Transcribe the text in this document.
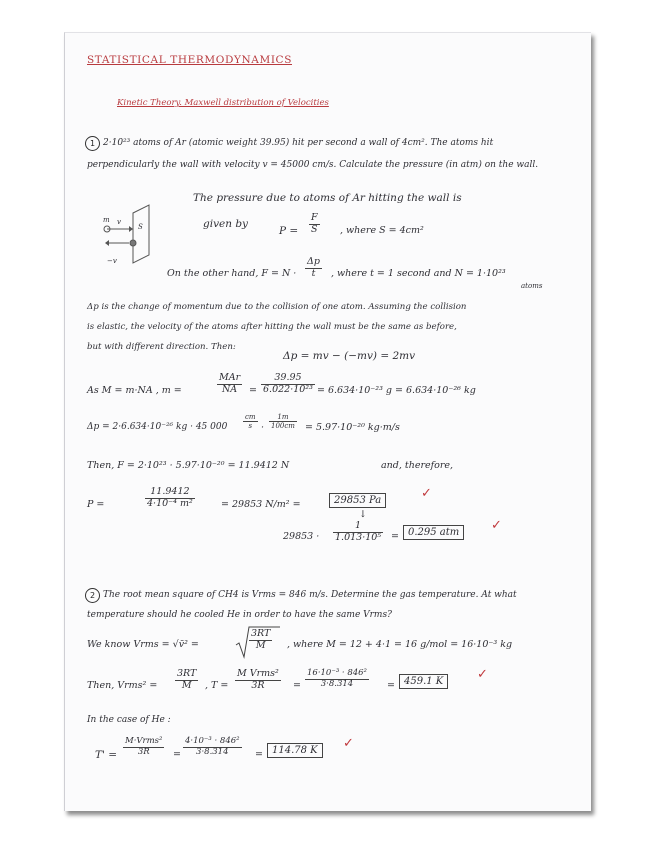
STATISTICAL THERMODYNAMICS
Kinetic Theory. Maxwell distribution of Velocities
1 2·10²³ atoms of Ar (atomic weight 39.95) hit per second a wall of 4cm². The atoms hit
perpendicularly the wall with velocity v = 45000 cm/s. Calculate the pressure (in atm) on the wall.
m v
S
−v
The pressure due to atoms of Ar hitting the wall is
given by
$P = \frac{F}{S}$ , where S = 4cm²
On the other hand, $F = N \cdot \frac{\Delta p}{t}$ , where t = 1 second and N = 1·10²³
atoms
Δp is the change of momentum due to the collision of one atom. Assuming the collision
is elastic, the velocity of the atoms after hitting the wall must be the same as before,
but with different direction. Then:
Δp = mv − (−mv) = 2mv
As M = m·NA , m =
MAr
NA	= $\frac{39.95}{\text{6.022·10²³}} = 6.634\cdot 10^{-23}$ g = 6.634·10⁻²⁶ kg
Δp = 2·6.634·10⁻²⁶ kg · 45 $000 \frac{cm}{s} \cdot \frac{1m}{100cm} = 5.97\cdot 10^{-20}$ kg·m/s
Then, F = 2·10²³ · 5.97·10⁻²⁰ = 11.9412 N	and, therefore,
P =	$\frac{11.9412}{\text{4·10⁻⁴ m²}}$	= 29853 N/m² =	29853 Pa	✓
↓
$29853 \cdot \frac{1}{\text{1.013·10⁵}} = 0.295$ atm	✓
2 The root mean square of CH4 is Vrms = 846 m/s. Determine the gas temperature. At what
temperature should he cooled He in order to have the same Vrms?
We know Vrms = √v̄² =	$\frac{3RT}{M}$ , where M = 12 + 4·1 = 16 g/mol = 16·10⁻³ kg
Then, Vrms² = $\frac{3RT}{M}$ , T =
M Vrms²
3R	= $\frac{\text{16·10⁻³ · 846²}}{3\cdot 8.314} = 459.1$ K	✓
In the case of He :
T' =
M·Vrms²
3R	= $\frac{\text{4·10⁻³ · 846²}}{3\cdot 8.314} = 114.78$ K	✓
